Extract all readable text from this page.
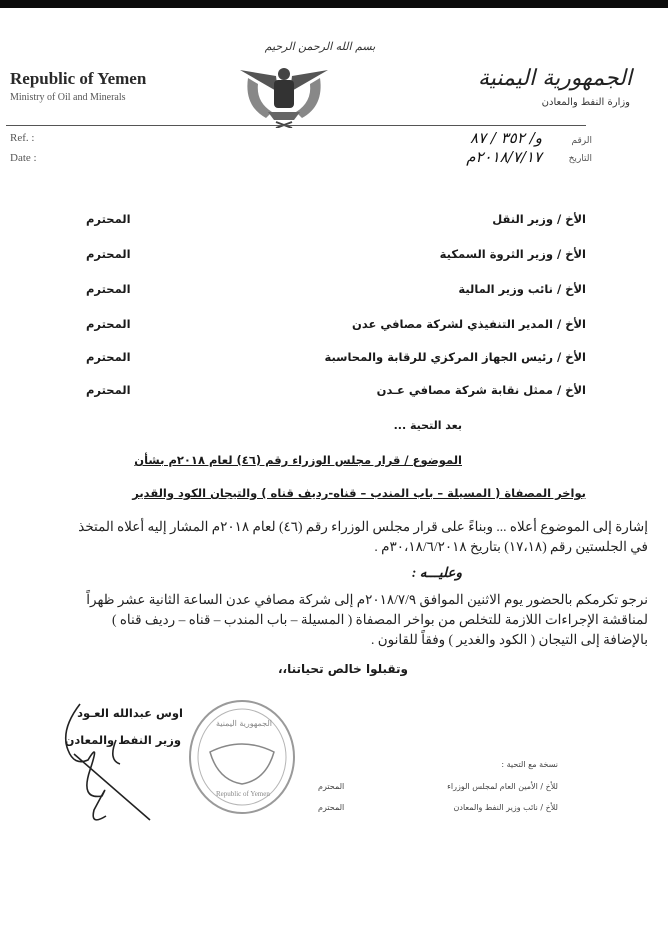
بسم الله الرحمن الرحيم
Republic of Yemen
Ministry of Oil and Minerals
الجمهورية اليمنية
وزارة النفط والمعادن
Ref. :
Date :
الرقم
التاريخ
و/ ٣٥٢ / ٨٧
٢٠١٨/٧/١٧م
الأخ / وزير النقل
المحترم
الأخ / وزير الثروة السمكية
المحترم
الأخ / نائب وزير المالية
المحترم
الأخ / المدير التنفيذي لشركة مصافي عدن
المحترم
الأخ / رئيس الجهاز المركزي للرقابة والمحاسبة
المحترم
الأخ / ممثل نقابة شركة مصافي عـدن
المحترم
بعد التحية ...
الموضوع / قرار مجلس الوزراء رقم (٤٦) لعام ٢٠١٨م بشأن
بواخر المصفاة ( المسيلة – باب المندب – قناه-رديف قناه ) والتيجان الكود والقدير
إشارة إلى الموضوع أعلاه ... وبناءً على قرار مجلس الوزراء رقم (٤٦) لعام ٢٠١٨م المشار إليه أعلاه المتخذ في الجلستين رقم (١٧،١٨) بتاريخ ٣٠،١٨/٦/٢٠١٨م .
وعليـــه :
نرجو تكرمكم بالحضور يوم الاثنين الموافق ٢٠١٨/٧/٩م إلى شركة مصافي عدن الساعة الثانية عشر ظهراً لمناقشة الإجراءات اللازمة للتخلص من بواخر المصفاة ( المسيلة – باب المندب – قناه – رديف قناه ) بالإضافة إلى التيجان ( الكود والغدير ) وفقاً للقانون .
وتقبلوا خالص تحياتنا،،
اوس عبدالله العـود
وزير النفط والمعادن
الجمهورية اليمنية
Republic of Yemen
نسخة مع التحية :
للأخ / الأمين العام لمجلس الوزراء
المحترم
للأخ / نائب وزير النفط والمعادن
المحترم
